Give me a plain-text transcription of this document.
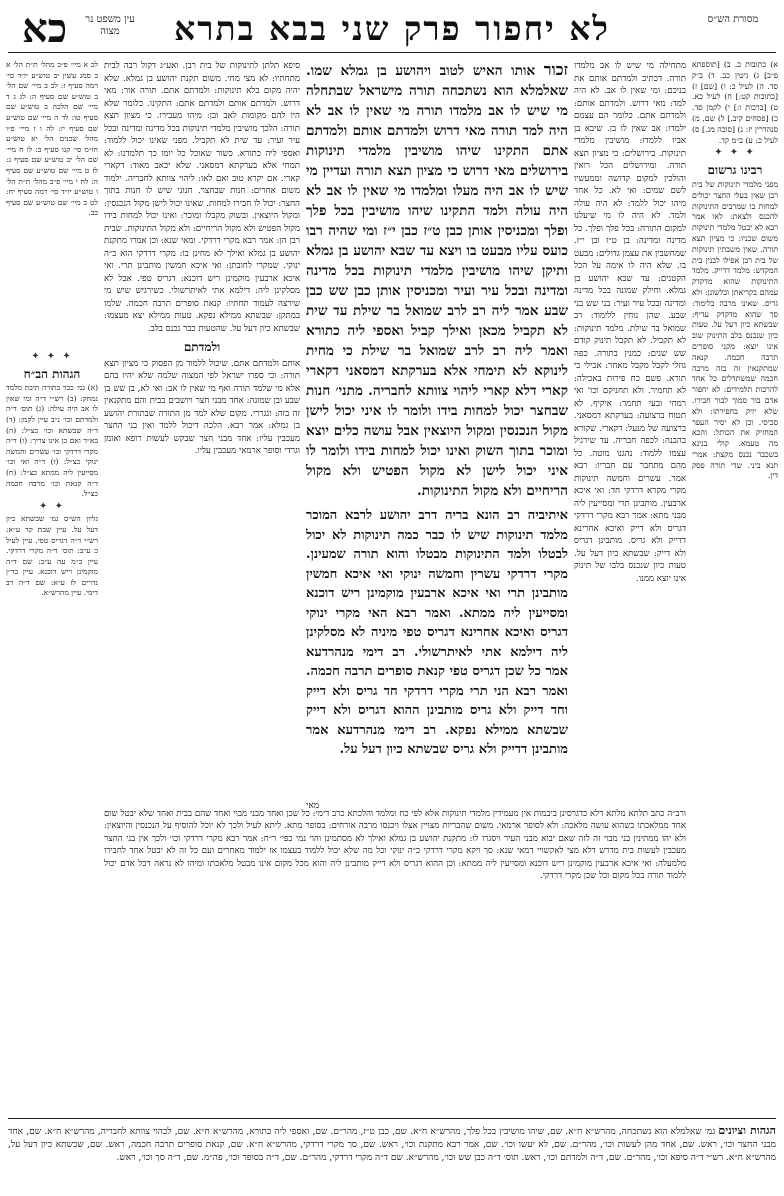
כא	עין משפט נר מצוה	לא יחפור פרק שני בבא בתרא	מסורת הש״ס
א) כתובות כ. ב) [תוספתא פ״ב] ג) גיטין כב. ד) ב״ק סד. ה) לעיל כ: ו) [שם] ז) [כתובות קט:] ח) לעיל כא. ט) [ברכות ו:] י) לקמן סד. כ) [פסחים קיב.] ל) שם, מ) סנהדרין יז: נ) [סוכה מג.] ס) לעיל כ: ע) ב״מ קד.
✦ ✦ ✦
רבינו גרשום
מפני מלמדי תינוקות של בית רבן שאין בעלי החצר יכולים למחות בו שמרבים התינוקות להכנס ולצאת: לאו אמר רבא לא יבטל מלמדי תינוקות משום שכניו: כי מציון תצא תורה. שאין משבתין תינוקות של בית רבן אפילו לבנין בית המקדש: מלמד דדייק. מלמד התינוקות שהוא מדקדק עמהם בקריאתן ובלשונן: ולא גריס. שאינו מרבה בלימוד: סך שהוא מדקדק עדיף: שבשתא כיון דעל על. טעות כיון שנכנס בלב התינוק שוב אינו יוצא: מקני סופרים תרבה חכמה. קנאה שמתקנאין זה בזה מרבה חכמה שמשתדלים כל אחד להרבות תלמידים: לא יחפור אדם בור סמוך לבור חבירו. שלא יזיק בחפירתו: ולא סכיסי. וכן לא יסיר העפר המחזיק את הכותל: והכא מה טעמא. קולי בנינא בשכבר נכנס מקצת: אמרי תנא ביני. שדי תורה פסק דין.
מתחילה מי שיש לו אב מלמדו תורה. דכתיב ולמדתם אותם את בניכם: ומי שאין לו אב. לא היה למד: מאי דרוש. ולמדתם אותם: ולמדתם אתם. כלומר הם עצמם ילמדו: אב שאין לו בן. שיבא בן אביו ללמדו: מושיבין מלמדי תינוקות. בירושלים: כי מציון תצא תורה. ומירושלים הכל רואין והולכין למקום קדושה וממעשיו לשם שמים: ואי לא. כל אחד מיהו יכול ללמד: לא היה עולה ולמד. לא היה לו מי שיעלנו למקום התורה: בכל פלך ופלך. כל מדינה ומדינה: בן ט״ז ובן י״ז. שמחשבין את עצמן גדולים: מבעט בו. שלא היה לו אימה על הכל הקטנים: עד שבא יהושע בן גמלא. וחילק שמונה בכל מדינה ומדינה ובכל עיר ועיר: בני שש בני שבע. שהן נוחין ללימוד: רב שמואל בר שילת. מלמד תינוקות: לא תקביל. לא תקבל תינוק קודם שש שנים: כמנין בתורה. כפה גוזלי לקבל מקבל מאחר: אכילי כי תורא. פשם כח פירות באכילה: לא תחמיר. ולא תחניקם וכו' ואי רמחי ובעי תחמר: איקיף. לא תטוח ברצועה: בערקתא דמסאני. ברצועה של מנעל: דקארי. שקורא בהבנה: לכפה חבריה. עד שירגיל עצמו ללמוד: נהגנו מוטה. כל מהם מתחבר עם חבריו: רבא אמר. עשרים וחמשה תינוקות מקרי מקרא דרדקי חד: ואי איכא ארבעין. מותבינן תרי ומסייעין ליה מבני מתא: אמר רבא מקרי דרדקי דגריס ולא דייק ואיכא אחרינא דדייק ולא גריס. מותבינן דגריס ולא דייק: שבשתא כיון דעל על. טעות כיון שנכנס בלבו של תינוק אינו יוצא ממנו.
זכור אותו האיש לטוב ויהושע בן גמלא שמו. שאלמלא הוא נשתכחה תורה מישראל שבתחלה מי שיש לו אב מלמדו תורה מי שאין לו אב לא היה למד תורה מאי דרוש ולמדתם אותם ולמדתם אתם התקינו שיהו מושיבין מלמדי תינוקות בירושלים מאי דרוש כי מציון תצא תורה ועדיין מי שיש לו אב היה מעלו ומלמדו מי שאין לו אב לא היה עולה ולמד התקינו שיהו מושיבין בכל פלך ופלך ומכניסין אותן כבן ט״ז כבן י״ז ומי שהיה רבו כועס עליו מבעט בו ויצא עד שבא יהושע בן גמלא ותיקן שיהו מושיבין מלמדי תינוקות בכל מדינה ומדינה ובכל עיר ועיר ומכניסין אותן כבן שש כבן שבע אמר ליה רב לרב שמואל בר שילת עד שית לא תקביל מכאן ואילך קביל ואספי ליה כתורא ואמר ליה רב לרב שמואל בר שילת כי מחית לינוקא לא תימחי אלא בערקתא דמסאני דקארי קארי דלא קארי ליהוי צוותא לחבריה. מתני׳ חנות שבחצר יכול למחות בידו ולומר לו איני יכול לישן מקול הנכנסין ומקול היוצאין אבל עושה כלים יוצא ומוכר בתוך השוק ואינו יכול למחות בידו ולומר לו איני יכול לישן לא מקול הפטיש ולא מקול הריחיים ולא מקול התינוקות.
איתיביה רב הונא בריה דרב יהושע לרבא המוכר מלמד תינוקות שיש לו כבר כמה תינוקות לא יכול לבטלו ולמד התינוקות מבטלו והוא תורה שמעינן. מקרי דרדקי עשרין וחמשה ינוקי ואי איכא חמשין מותבינן תרי ואי איכא ארבעין מוקמינן ריש דוכנא ומסייעין ליה ממתא. ואמר רבא האי מקרי ינוקי דגריס ואיכא אחרינא דגריס טפי מיניה לא מסלקינן ליה דילמא אתי לאיתרשולי. רב דימי מנהרדעא אמר כל שכן דגריס טפי קנאת סופרים תרבה חכמה. ואמר רבא הני תרי מקרי דרדקי חד גריס ולא דייק וחד דייק ולא גריס מותבינן ההוא דגריס ולא דייק שבשתא ממילא נפקא. רב דימי מנהרדעא אמר מותבינן דדייק ולא גריס שבשתא כיון דעל על.
מאי
סיפא תלתן לתינוקות של בית רבן. ואע״ג דקול רבה לבית מתחתיו: לא מצי מחי. משום תקנת יהושע בן גמלא. שלא יהיה מקום בלא תינוקות: ולמדתם אתם. תורה אור: מאי דרוש. ולמדתם אותם ולמדתם אתם: התקינו. כלומר שלא היו להם מקומות לאב ובן: מיהו מעבירו. כי מציון תצא תורה: הלכך מושיבין מלמדי תינוקות בכל מדינה ומדינה ובכל עיר ועיר: עד שית לא תקביל. מפני שאינו יכול ללמוד: ואספי ליה כתורא. כשור שאוכל כל יומו כך תלמדנו: לא תמחי אלא בערקתא דמסאני. שלא יכאב מאוד: דקארי קארי. אם יקרא טוב ואם לאו: ליהוי צוותא לחבריה. ילמוד משום אחרים: חנות שבחצר. חנוני שיש לו חנות בתוך החצר: יכול לו חבירו למחות. שאינו יכול לישן מקול הנכנסין: ומקול היוצאין. ובשוק מקבלו ומוכר: ואינו יכול למחות בידו מקול הפטיש ולא מקול הריחיים: ולא מקול התינוקות. שבית רבן הן: אמר רבא מקרי דרדקי. ומאי שנא: וכן אמרו מתקנת יהושע בן גמלא ואילך לא מחינן בו: מקרי דרדקי הוא כ״ה ינוקי. שמקרי לחובתן: ואי איכא חמשין מותבינן תרי. ואי איכא ארבעין מוקמינן ריש דוכנא: דגריס טפי. אבל לא מסלקינן ליה: דילמא אתי לאיתרשולי. כשירגיש שיש מי שירצה לעמוד תחתיו: קנאת סופרים תרבה חכמה. שלמו במתקן: שבשתא ממילא נפקא. טעות ממילא יצא מעצמו: שבשתא כיון דעל על. שהטעות כבר נכנס בלב.
ולמדתם
אותם ולמדתם אתם. שיכול ללמוד מן הפסוק כי מציון תצא תורה: וכי ספרו ישראל לפי המצוה שלמה שלא יהיו בהם אלא מי שלמד תורה ואף מי שאין לו אב: ואי לא, בן שש בן שבע ובן שמונה: אחד מבני חצר ויושבים בבית והם מתקנאין זה בזה: ונגררי. מקום שלא למד מן התורה שבתורת יהושע בן גמלא: אמר רבא. הלכה דיכול ללמד ואין בני החצר מעכבין עליו: אחד מבני חצר שבקש לעשות רופא ואומן וגרדי וסופר ארמאי מעכבין עליו.
לכ א מיי׳ פ״ב מהל׳ ת״ת הל׳ א ב סמג עשין יב טוש״ע יו״ד סי׳ רמה סעיף ז: לב ב מיי׳ שם הל׳ ב טוש״ע שם סעיף ה: לג ג ד מיי׳ שם הלכה ב טוש״ע שם סעיף טו: לד ה מיי׳ שם טוש״ע שם סעיף יז: לה ו ז מיי׳ פ״ו מהל׳ שכנים הל׳ יא טוש״ע חו״מ סי׳ קנו סעיף ב: לו ח מיי׳ שם הל׳ יב טוש״ע שם סעיף ג: לז ט מיי׳ שם טוש״ע שם סעיף ה: לח י מיי׳ פ״ב מהל׳ ת״ת הל׳ ו טוש״ע יו״ד סי׳ רמה סעיף יח: לט כ מיי׳ שם טוש״ע שם סעיף כב.
✦ ✦ ✦
הגהות הב״ח
(א) גמ׳ כבר בתורה תיבת מלמד נמחק: (ב) רש״י ד״ה ומי שאין לו אב היה עולה: (ג) תוס׳ ד״ה ולמדתם וכו׳ נ״ב עיין לקמן: (ד) ד״ה שבשתא וכו׳ כצ״ל: (ה) בא״ד ואם כן אינו צריך: (ו) ד״ה מקרי דרדקי וכו׳ עשרים וחמשה ינוקי כצ״ל: (ז) ד״ה ואי וכו׳ מסייעין ליה ממתא כצ״ל: (ח) ד״ה קנאת וכו׳ מרבה חכמה כצ״ל.
✦ ✦
גליון הש״ס גמ׳ שבשתא כיון דעל על. עיין שבת קד ע״א: רש״י ד״ה דגריס טפי. עיין לעיל כ ע״ב: תוס׳ ד״ה מקרי דרדקי. עיין ב״מ עה ע״ב: שם ד״ה מוקמינן ריש דוכנא. עיין בר״ן נדרים לז ע״א: שם ד״ה רב דימי. עיין מהרש״א.
ורב״ה כתב תלתא מלתא דלא כדגרסינן ביבמות אין מעמידין מלמדי תינוקות אלא לפי כח ומלמד והלכתא כרב דימי: כל שכן ואחד מבני מבוי ואחד שהם בבית ואחד שלא יבטל שום אחד ממלאכתו כשהוא עושה מלאכה: ולא לסופר ארמאי. משום שהבריות מצויין אצלו ויכנסו מרבה אורחים: בסופר מתא. ליתא לעיל ולכך לא יוכל להוסיף על הנכנסין והיוצאין: ולא יהו ממתינין בני מבוי זה לזה שאם יבוא מבני העיר ויסגרו לו: מתקנת יהושע בן גמלא ואילך לא מסתמינן והוי נמי כפי׳ ר״ח: אמר רבא מקרי דרדקי וכו׳ ולכך אין בני החצר מעכבין לעשות בית מדרש דלא מצי לאקשויי דמאי שנא: סך ויקא מקרי דרדקי כ״ה ינוקי וכל מה שלא יכול ללמוד בעצמו אז ילמוד מאחרים ועם כל זה לא יבטל אחד לחבירו מלמעלה: ואי איכא ארבעין מוקמינן ריש דוכנא ומסייעין ליה ממתא: וכן ההוא דגריס ולא דייק מותבינן ליה והוא מכל מקום אינו מבטל מלאכתו ומיהו לא נראה דכל אדם יכול ללמוד תורה בכל מקום וכל שכן מקרי דרדקי.
הגהות וציונים גמ׳ שאלמלא הוא נשתכחה, מהרש״א ח״א. שם, שיהו מושיבין בכל פלך, מהרש״א ח״א. שם, כבן ט״ז, מהר״ם. שם, ואספי ליה כתורא, מהרש״א ח״א. שם, לכהוי צוותא לחבריה, מהרש״א ח״א. שם, אחד מבני החצר וכו׳, ראש. שם, אחד מהן לעשות וכו׳, מהר״ם. שם, לא יעשו וכו׳. שם, אמר רבא מתקנת וכו׳, ראש. שם, סך מקרי דרדקי, מהרש״א ח״א. שם, קנאת סופרים תרבה חכמה, ראש. שם, שבשתא כיון דעל על, מהרש״א ח״א. רש״י ד״ה סיפא וכו׳, מהר״ם. שם, ד״ה ולמדתם וכו׳, ראש. תוס׳ ד״ה כבן שש וכו׳, מהרש״א. שם ד״ה מקרי דרדקי, מהר״ם. שם, ד״ה בסופר וכו׳, פה״מ. שם, ד״ה סך וכו׳, ראש.
